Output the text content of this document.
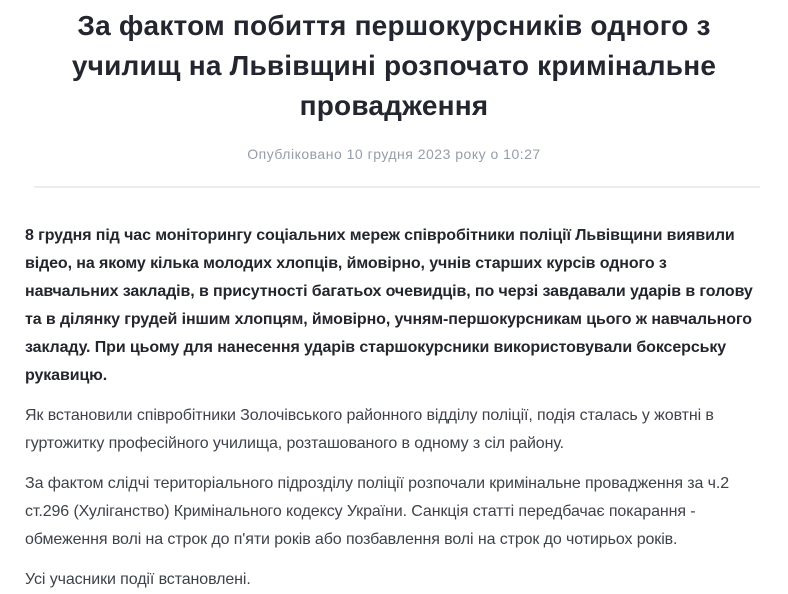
За фактом побиття першокурсників одного з
училищ на Львівщині розпочато кримінальне
провадження
Опубліковано 10 грудня 2023 року о 10:27

8 грудня під час моніторингу соціальних мереж співробітники поліції Львівщини виявили відео, на якому кілька молодих хлопців, ймовірно, учнів старших курсів одного з навчальних закладів, в присутності багатьох очевидців, по черзі завдавали ударів в голову та в ділянку грудей іншим хлопцям, ймовірно, учням-першокурсникам цього ж навчального закладу. При цьому для нанесення ударів старшокурсники використовували боксерську рукавицю.

Як встановили співробітники Золочівського районного відділу поліції, подія сталась у жовтні в гуртожитку професійного училища, розташованого в одному з сіл району.

За фактом слідчі територіального підрозділу поліції розпочали кримінальне провадження за ч.2 ст.296 (Хуліганство) Кримінального кодексу України. Санкція статті передбачає покарання - обмеження волі на строк до п'яти років або позбавлення волі на строк до чотирьох років.

Усі учасники події встановлені.
